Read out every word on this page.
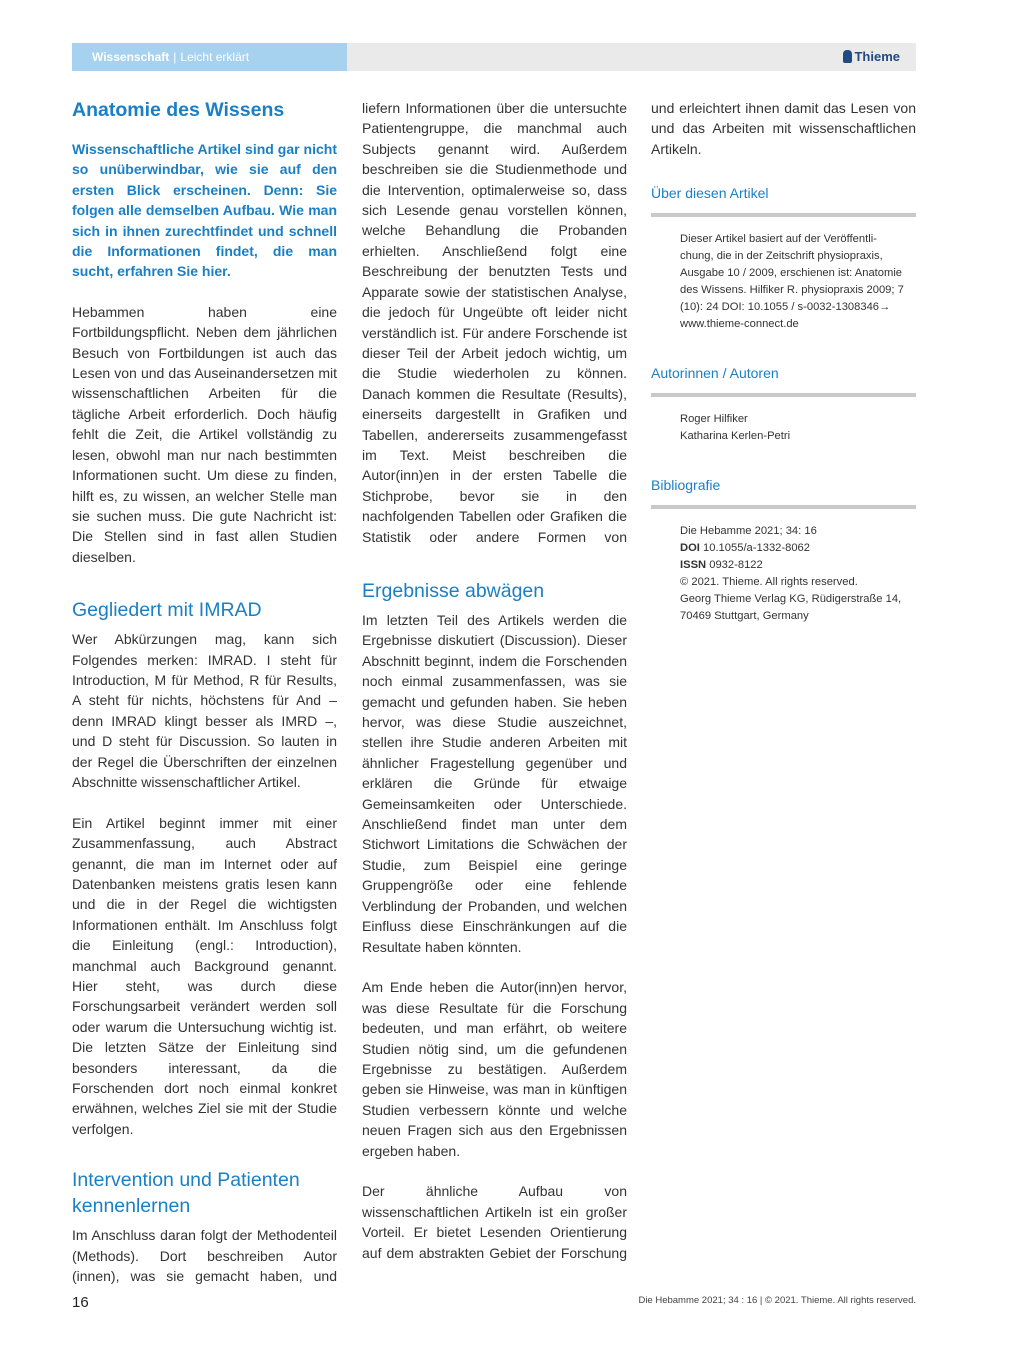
Wissenschaft | Leicht erklärt	Thieme
Anatomie des Wissens

Wissenschaftliche Artikel sind gar nicht so unüberwindbar, wie sie auf den ersten Blick erscheinen. Denn: Sie folgen alle demselben Aufbau. Wie man sich in ihnen zurechtfindet und schnell die Informationen findet, die man sucht, erfahren Sie hier.

Hebammen haben eine Fortbildungspflicht. Neben dem jährlichen Besuch von Fortbildungen ist auch das Lesen von und das Auseinandersetzen mit wissenschaftlichen Arbeiten für die tägliche Arbeit erforderlich. Doch häufig fehlt die Zeit, die Artikel vollständig zu lesen, obwohl man nur nach bestimmten Informationen sucht. Um diese zu finden, hilft es, zu wissen, an welcher Stelle man sie suchen muss. Die gute Nachricht ist: Die Stellen sind in fast allen Studien dieselben.

Gegliedert mit IMRAD

Wer Abkürzungen mag, kann sich Folgendes merken: IMRAD. I steht für Introduction, M für Method, R für Results, A steht für nichts, höchstens für And – denn IMRAD klingt besser als IMRD –, und D steht für Discussion. So lauten in der Regel die Überschriften der einzelnen Abschnitte wissenschaftlicher Artikel.

Ein Artikel beginnt immer mit einer Zusammenfassung, auch Abstract genannt, die man im Internet oder auf Datenbanken meistens gratis lesen kann und die in der Regel die wichtigsten Informationen enthält. Im Anschluss folgt die Einleitung (engl.: Introduction), manchmal auch Background genannt. Hier steht, was durch diese Forschungsarbeit verändert werden soll oder warum die Untersuchung wichtig ist. Die letzten Sätze der Einleitung sind besonders interessant, da die Forschenden dort noch einmal konkret erwähnen, welches Ziel sie mit der Studie verfolgen.

Intervention und Patienten kennenlernen

Im Anschluss daran folgt der Methodenteil (Methods). Dort beschreiben Autor (innen), was sie gemacht haben, und

liefern Informationen über die untersuchte Patientengruppe, die manchmal auch Subjects genannt wird. Außerdem beschreiben sie die Studienmethode und die Intervention, optimalerweise so, dass sich Lesende genau vorstellen können, welche Behandlung die Probanden erhielten. Anschließend folgt eine Beschreibung der benutzten Tests und Apparate sowie der statistischen Analyse, die jedoch für Ungeübte oft leider nicht verständlich ist. Für andere Forschende ist dieser Teil der Arbeit jedoch wichtig, um die Studie wiederholen zu können. Danach kommen die Resultate (Results), einerseits dargestellt in Grafiken und Tabellen, andererseits zusammengefasst im Text. Meist beschreiben die Autor(inn)en in der ersten Tabelle die Stichprobe, bevor sie in den nachfolgenden Tabellen oder Grafiken die Statistik oder andere Formen von

Ergebnisse abwägen

Im letzten Teil des Artikels werden die Ergebnisse diskutiert (Discussion). Dieser Abschnitt beginnt, indem die Forschenden noch einmal zusammenfassen, was sie gemacht und gefunden haben. Sie heben hervor, was diese Studie auszeichnet, stellen ihre Studie anderen Arbeiten mit ähnlicher Fragestellung gegenüber und erklären die Gründe für etwaige Gemeinsamkeiten oder Unterschiede. Anschließend findet man unter dem Stichwort Limitations die Schwächen der Studie, zum Beispiel eine geringe Gruppengröße oder eine fehlende Verblindung der Probanden, und welchen Einfluss diese Einschränkungen auf die Resultate haben könnten.

Am Ende heben die Autor(inn)en hervor, was diese Resultate für die Forschung bedeuten, und man erfährt, ob weitere Studien nötig sind, um die gefundenen Ergebnisse zu bestätigen. Außerdem geben sie Hinweise, was man in künftigen Studien verbessern könnte und welche neuen Fragen sich aus den Ergebnissen ergeben haben.

Der ähnliche Aufbau von wissenschaftlichen Artikeln ist ein großer Vorteil. Er bietet Lesenden Orientierung auf dem abstrakten Gebiet der Forschung

und erleichtert ihnen damit das Lesen von und das Arbeiten mit wissenschaftlichen Artikeln.

Über diesen Artikel
Dieser Artikel basiert auf der Veröffentli-
chung, die in der Zeitschrift physiopraxis,
Ausgabe 10 / 2009, erschienen ist: Anatomie
des Wissens. Hilfiker R. physiopraxis 2009; 7
(10): 24 DOI: 10.1055 / s-0032-1308346→
www.thieme-connect.de
Autorinnen / Autoren
Roger Hilfiker
Katharina Kerlen-Petri
Bibliografie
Die Hebamme 2021; 34: 16
DOI 10.1055/a-1332-8062
ISSN 0932-8122
© 2021. Thieme. All rights reserved.
Georg Thieme Verlag KG, Rüdigerstraße 14,
70469 Stuttgart, Germany
16	Die Hebamme 2021; 34 : 16 | © 2021. Thieme. All rights reserved.
